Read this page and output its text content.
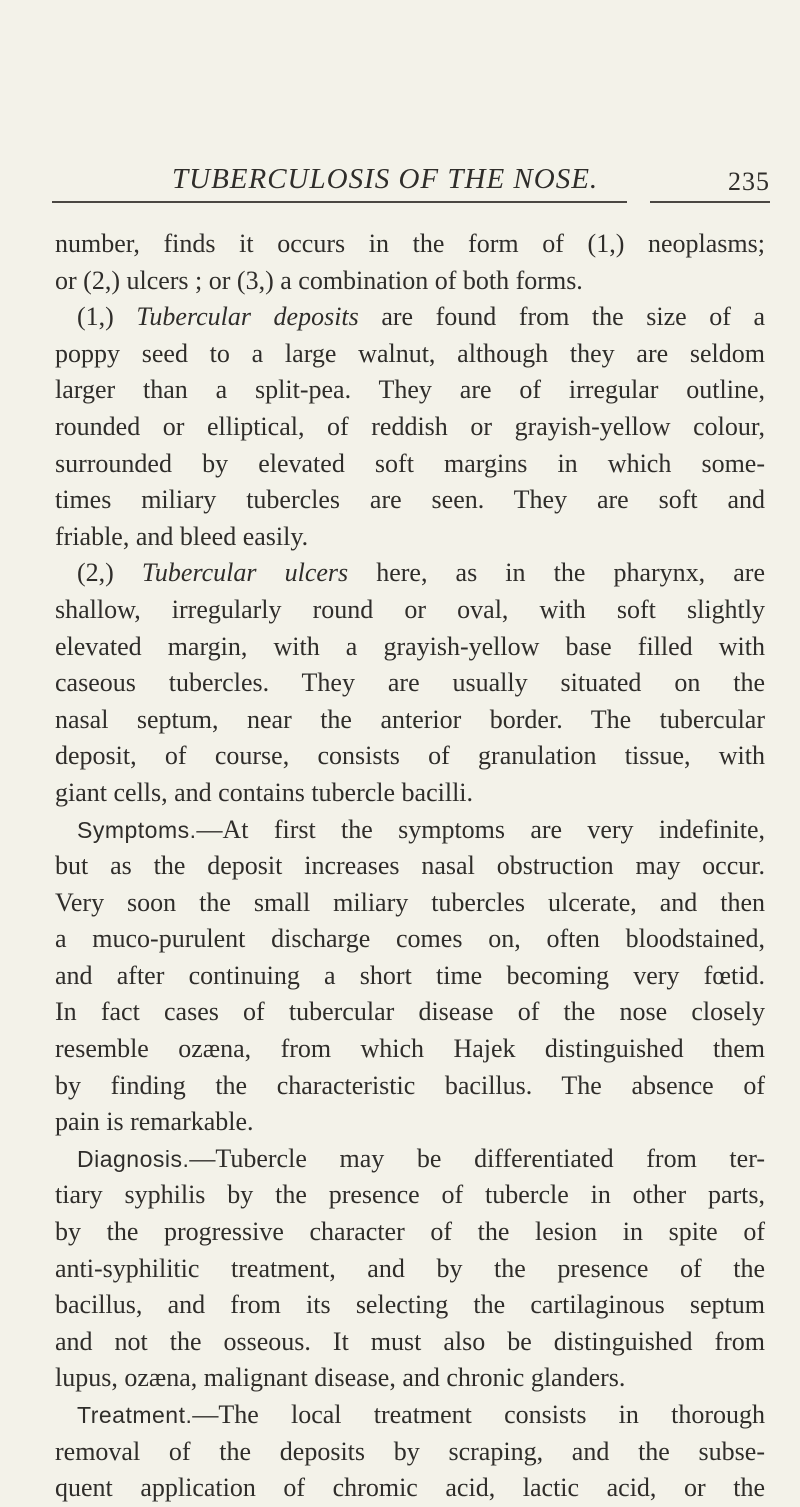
TUBERCULOSIS OF THE NOSE.	235
number, finds it occurs in the form of (1,) neoplasms;
or (2,) ulcers ; or (3,) a combination of both forms.
(1,) Tubercular deposits are found from the size of a
poppy seed to a large walnut, although they are seldom
larger than a split-pea. They are of irregular outline,
rounded or elliptical, of reddish or grayish-yellow colour,
surrounded by elevated soft margins in which some-
times miliary tubercles are seen. They are soft and
friable, and bleed easily.
(2,) Tubercular ulcers here, as in the pharynx, are
shallow, irregularly round or oval, with soft slightly
elevated margin, with a grayish-yellow base filled with
caseous tubercles. They are usually situated on the
nasal septum, near the anterior border. The tubercular
deposit, of course, consists of granulation tissue, with
giant cells, and contains tubercle bacilli.
Symptoms.—At first the symptoms are very indefinite,
but as the deposit increases nasal obstruction may occur.
Very soon the small miliary tubercles ulcerate, and then
a muco-purulent discharge comes on, often bloodstained,
and after continuing a short time becoming very fœtid.
In fact cases of tubercular disease of the nose closely
resemble ozæna, from which Hajek distinguished them
by finding the characteristic bacillus. The absence of
pain is remarkable.
Diagnosis.—Tubercle may be differentiated from ter-
tiary syphilis by the presence of tubercle in other parts,
by the progressive character of the lesion in spite of
anti-syphilitic treatment, and by the presence of the
bacillus, and from its selecting the cartilaginous septum
and not the osseous. It must also be distinguished from
lupus, ozæna, malignant disease, and chronic glanders.
Treatment.—The local treatment consists in thorough
removal of the deposits by scraping, and the subse-
quent application of chromic acid, lactic acid, or the
